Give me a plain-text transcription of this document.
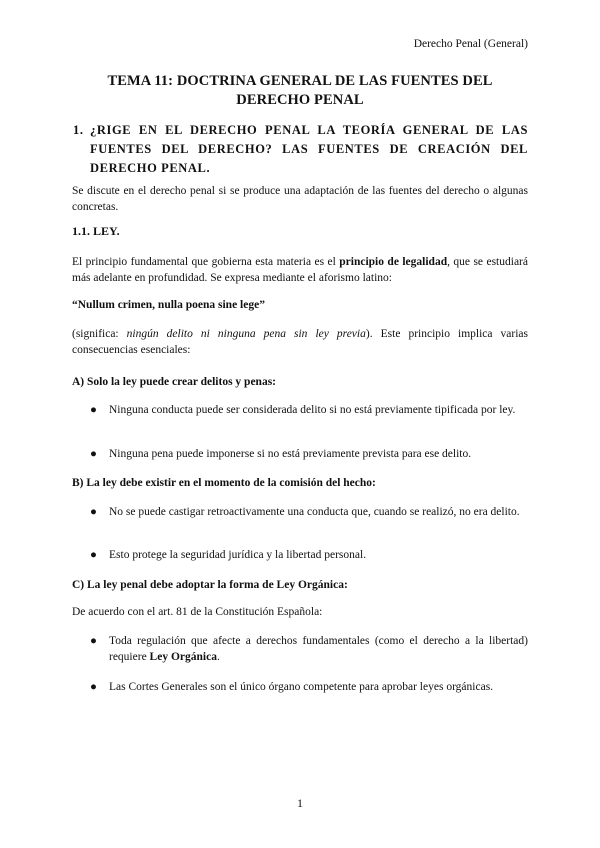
Derecho Penal (General)
TEMA 11: DOCTRINA GENERAL DE LAS FUENTES DEL DERECHO PENAL
1. ¿RIGE EN EL DERECHO PENAL LA TEORÍA GENERAL DE LAS FUENTES DEL DERECHO? LAS FUENTES DE CREACIÓN DEL DERECHO PENAL.

Se discute en el derecho penal si se produce una adaptación de las fuentes del derecho o algunas concretas.

1.1. LEY.

El principio fundamental que gobierna esta materia es el principio de legalidad, que se estudiará más adelante en profundidad. Se expresa mediante el aforismo latino:

“Nullum crimen, nulla poena sine lege”

(significa: ningún delito ni ninguna pena sin ley previa). Este principio implica varias consecuencias esenciales:

A) Solo la ley puede crear delitos y penas:

● Ninguna conducta puede ser considerada delito si no está previamente tipificada por ley.
● Ninguna pena puede imponerse si no está previamente prevista para ese delito.

B) La ley debe existir en el momento de la comisión del hecho:

● No se puede castigar retroactivamente una conducta que, cuando se realizó, no era delito.
● Esto protege la seguridad jurídica y la libertad personal.

C) La ley penal debe adoptar la forma de Ley Orgánica:

De acuerdo con el art. 81 de la Constitución Española:

● Toda regulación que afecte a derechos fundamentales (como el derecho a la libertad) requiere Ley Orgánica.
● Las Cortes Generales son el único órgano competente para aprobar leyes orgánicas.
1
